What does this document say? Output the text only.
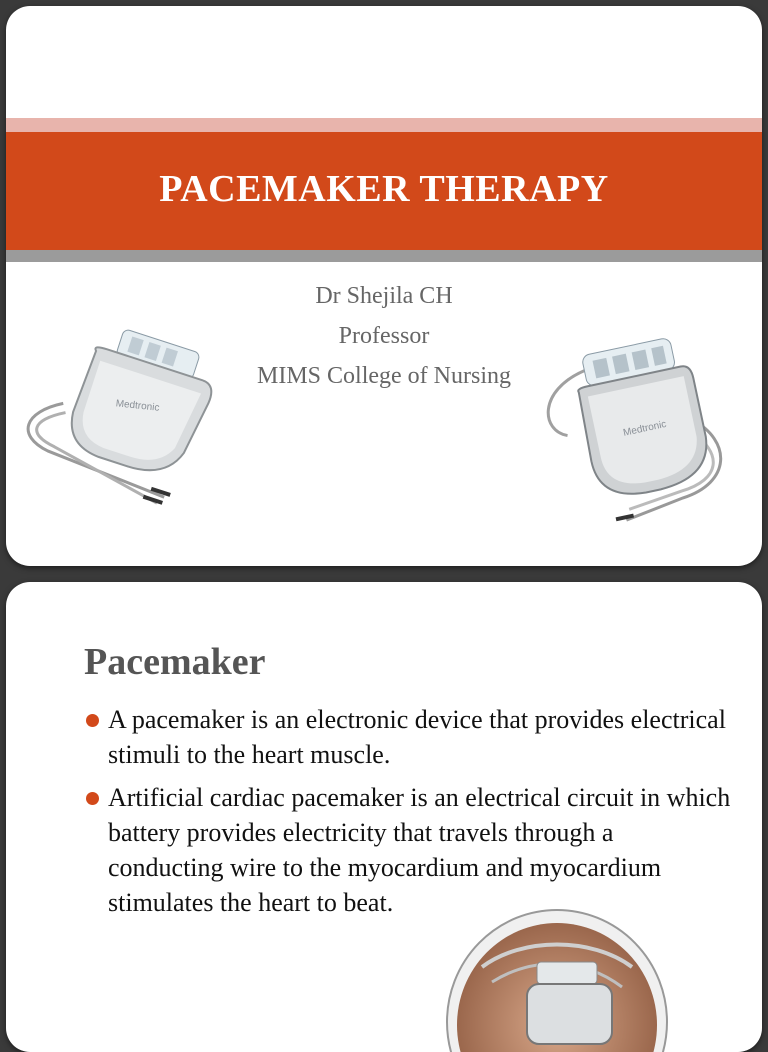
PACEMAKER THERAPY
Dr Shejila CH
Professor
MIMS College of Nursing
Medtronic
Medtronic
Pacemaker
A pacemaker is an electronic device that provides electrical stimuli to the heart muscle.
Artificial cardiac pacemaker is an electrical circuit in which battery provides electricity that travels through a conducting wire to the myocardium and myocardium stimulates the heart to beat.
